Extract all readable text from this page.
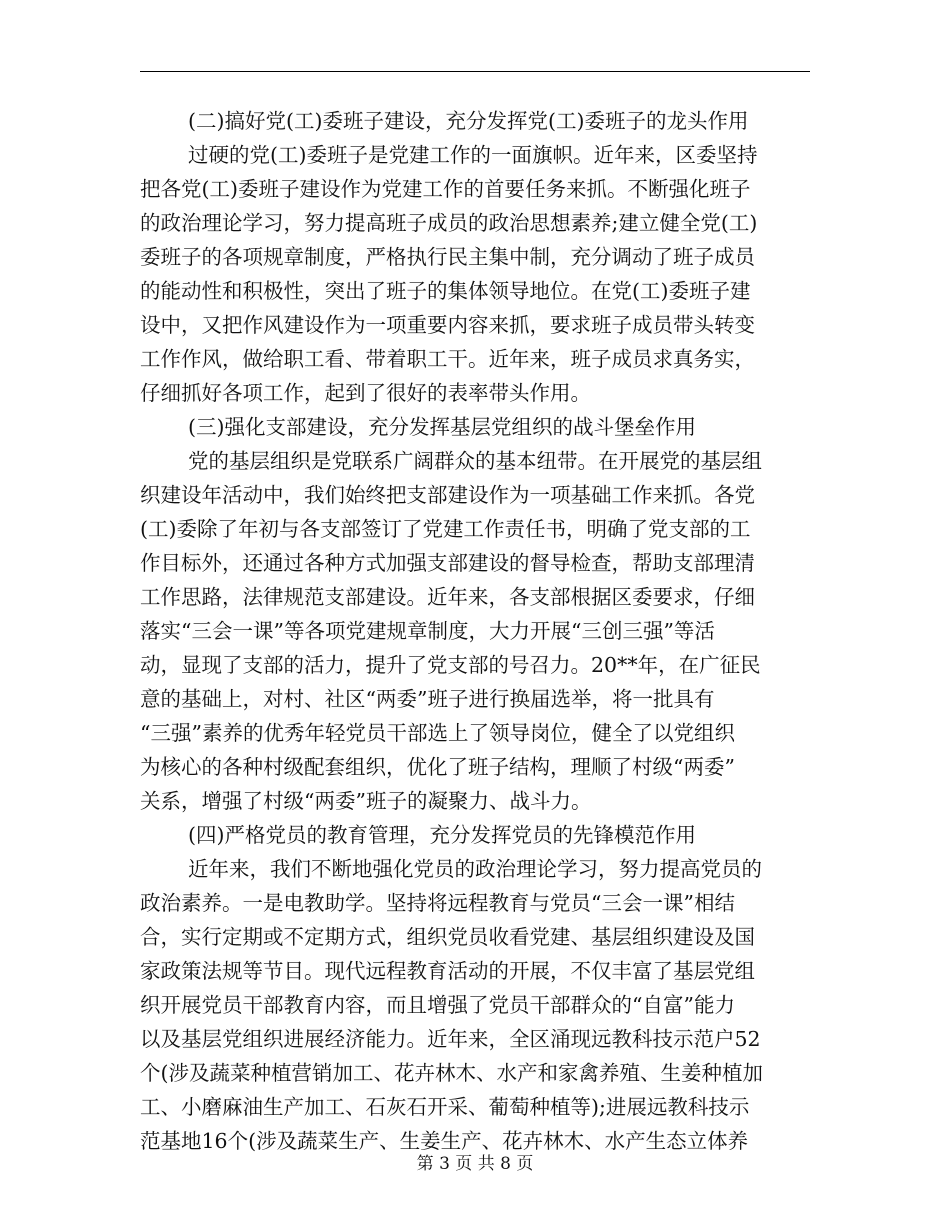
(二)搞好党(工)委班子建设，充分发挥党(工)委班子的龙头作用
过硬的党(工)委班子是党建工作的一面旗帜。近年来，区委坚持
把各党(工)委班子建设作为党建工作的首要任务来抓。不断强化班子
的政治理论学习，努力提高班子成员的政治思想素养;建立健全党(工)
委班子的各项规章制度，严格执行民主集中制，充分调动了班子成员
的能动性和积极性，突出了班子的集体领导地位。在党(工)委班子建
设中，又把作风建设作为一项重要内容来抓，要求班子成员带头转变
工作作风，做给职工看、带着职工干。近年来，班子成员求真务实，
仔细抓好各项工作，起到了很好的表率带头作用。
(三)强化支部建设，充分发挥基层党组织的战斗堡垒作用
党的基层组织是党联系广阔群众的基本纽带。在开展党的基层组
织建设年活动中，我们始终把支部建设作为一项基础工作来抓。各党
(工)委除了年初与各支部签订了党建工作责任书，明确了党支部的工
作目标外，还通过各种方式加强支部建设的督导检查，帮助支部理清
工作思路，法律规范支部建设。近年来，各支部根据区委要求，仔细
落实“三会一课”等各项党建规章制度，大力开展“三创三强”等活
动，显现了支部的活力，提升了党支部的号召力。20**年，在广征民
意的基础上，对村、社区“两委”班子进行换届选举，将一批具有
“三强”素养的优秀年轻党员干部选上了领导岗位，健全了以党组织
为核心的各种村级配套组织，优化了班子结构，理顺了村级“两委”
关系，增强了村级“两委”班子的凝聚力、战斗力。
(四)严格党员的教育管理，充分发挥党员的先锋模范作用
近年来，我们不断地强化党员的政治理论学习，努力提高党员的
政治素养。一是电教助学。坚持将远程教育与党员“三会一课”相结
合，实行定期或不定期方式，组织党员收看党建、基层组织建设及国
家政策法规等节目。现代远程教育活动的开展，不仅丰富了基层党组
织开展党员干部教育内容，而且增强了党员干部群众的“自富”能力
以及基层党组织进展经济能力。近年来，全区涌现远教科技示范户52
个(涉及蔬菜种植营销加工、花卉林木、水产和家禽养殖、生姜种植加
工、小磨麻油生产加工、石灰石开采、葡萄种植等);进展远教科技示
范基地16个(涉及蔬菜生产、生姜生产、花卉林木、水产生态立体养
第 3 页 共 8 页
